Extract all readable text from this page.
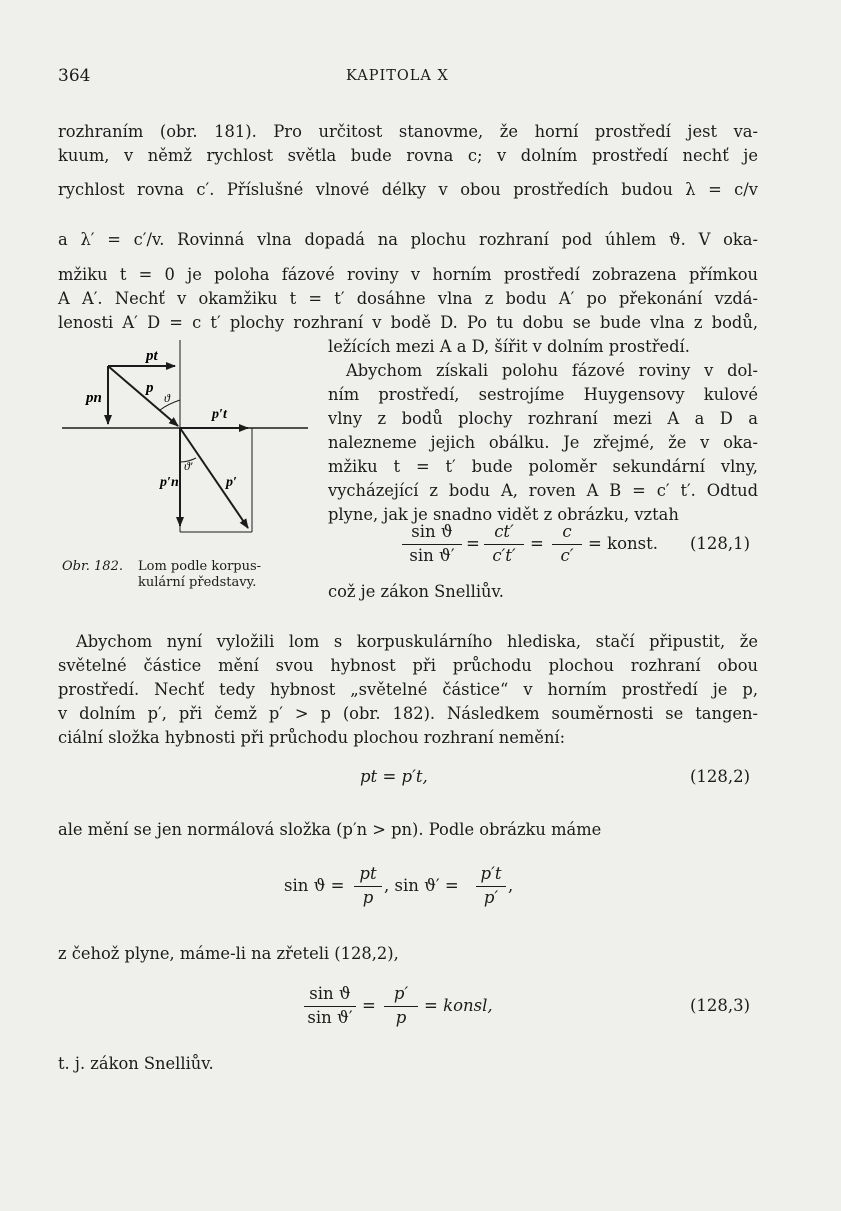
364	KAPITOLA X
rozhraním (obr. 181). Pro určitost stanovme, že horní prostředí jest va-
kuum, v němž rychlost světla bude rovna c; v dolním prostředí nechť je
rychlost rovna c′. Příslušné vlnové délky v obou prostředích budou λ = c/v
a λ′ = c′/v. Rovinná vlna dopadá na plochu rozhraní pod úhlem ϑ. V oka-
mžiku t = 0 je poloha fázové roviny v horním prostředí zobrazena přímkou
A A′. Nechť v okamžiku t = t′ dosáhne vlna z bodu A′ po překonání vzdá-
lenosti A′ D = c t′ plochy rozhraní v bodě D. Po tu dobu se bude vlna z bodů,
ležících mezi A a D, šířit v dolním prostředí.
Abychom získali polohu fázové roviny v dol-
ním prostředí, sestrojíme Huygensovy kulové
vlny z bodů plochy rozhraní mezi A a D a
nalezneme jejich obálku. Je zřejmé, že v oka-
mžiku t = t′ bude poloměr sekundární vlny,
vycházející z bodu A, roven A B = c′ t′. Odtud
plyne, jak je snadno vidět z obrázku, vztah
pt
pn
p
ϑ
p′t
ϑ′
p′n	p′
Obr. 182. Lom podle korpus-
kulární představy.
sin ϑ
sin ϑ′
=
ct′
c′t′
=
c
c′
= konst. (128,1)
což je zákon Snelliův.
Abychom nyní vyložili lom s korpuskulárního hlediska, stačí připustit, že
světelné částice mění svou hybnost při průchodu plochou rozhraní obou
prostředí. Nechť tedy hybnost „světelné částice“ v horním prostředí je p,
v dolním p′, při čemž p′ > p (obr. 182). Následkem souměrnosti se tangen-
ciální složka hybnosti při průchodu plochou rozhraní nemění:
pt = p′t,	(128,2)
ale mění se jen normálová složka (p′n > pn). Podle obrázku máme
sin ϑ =
pt
p
, sin ϑ′ =
p′t
p′
,
z čehož plyne, máme-li na zřeteli (128,2),
sin ϑ
sin ϑ′
=
p′
p
= konsl,	(128,3)
t. j. zákon Snelliův.
